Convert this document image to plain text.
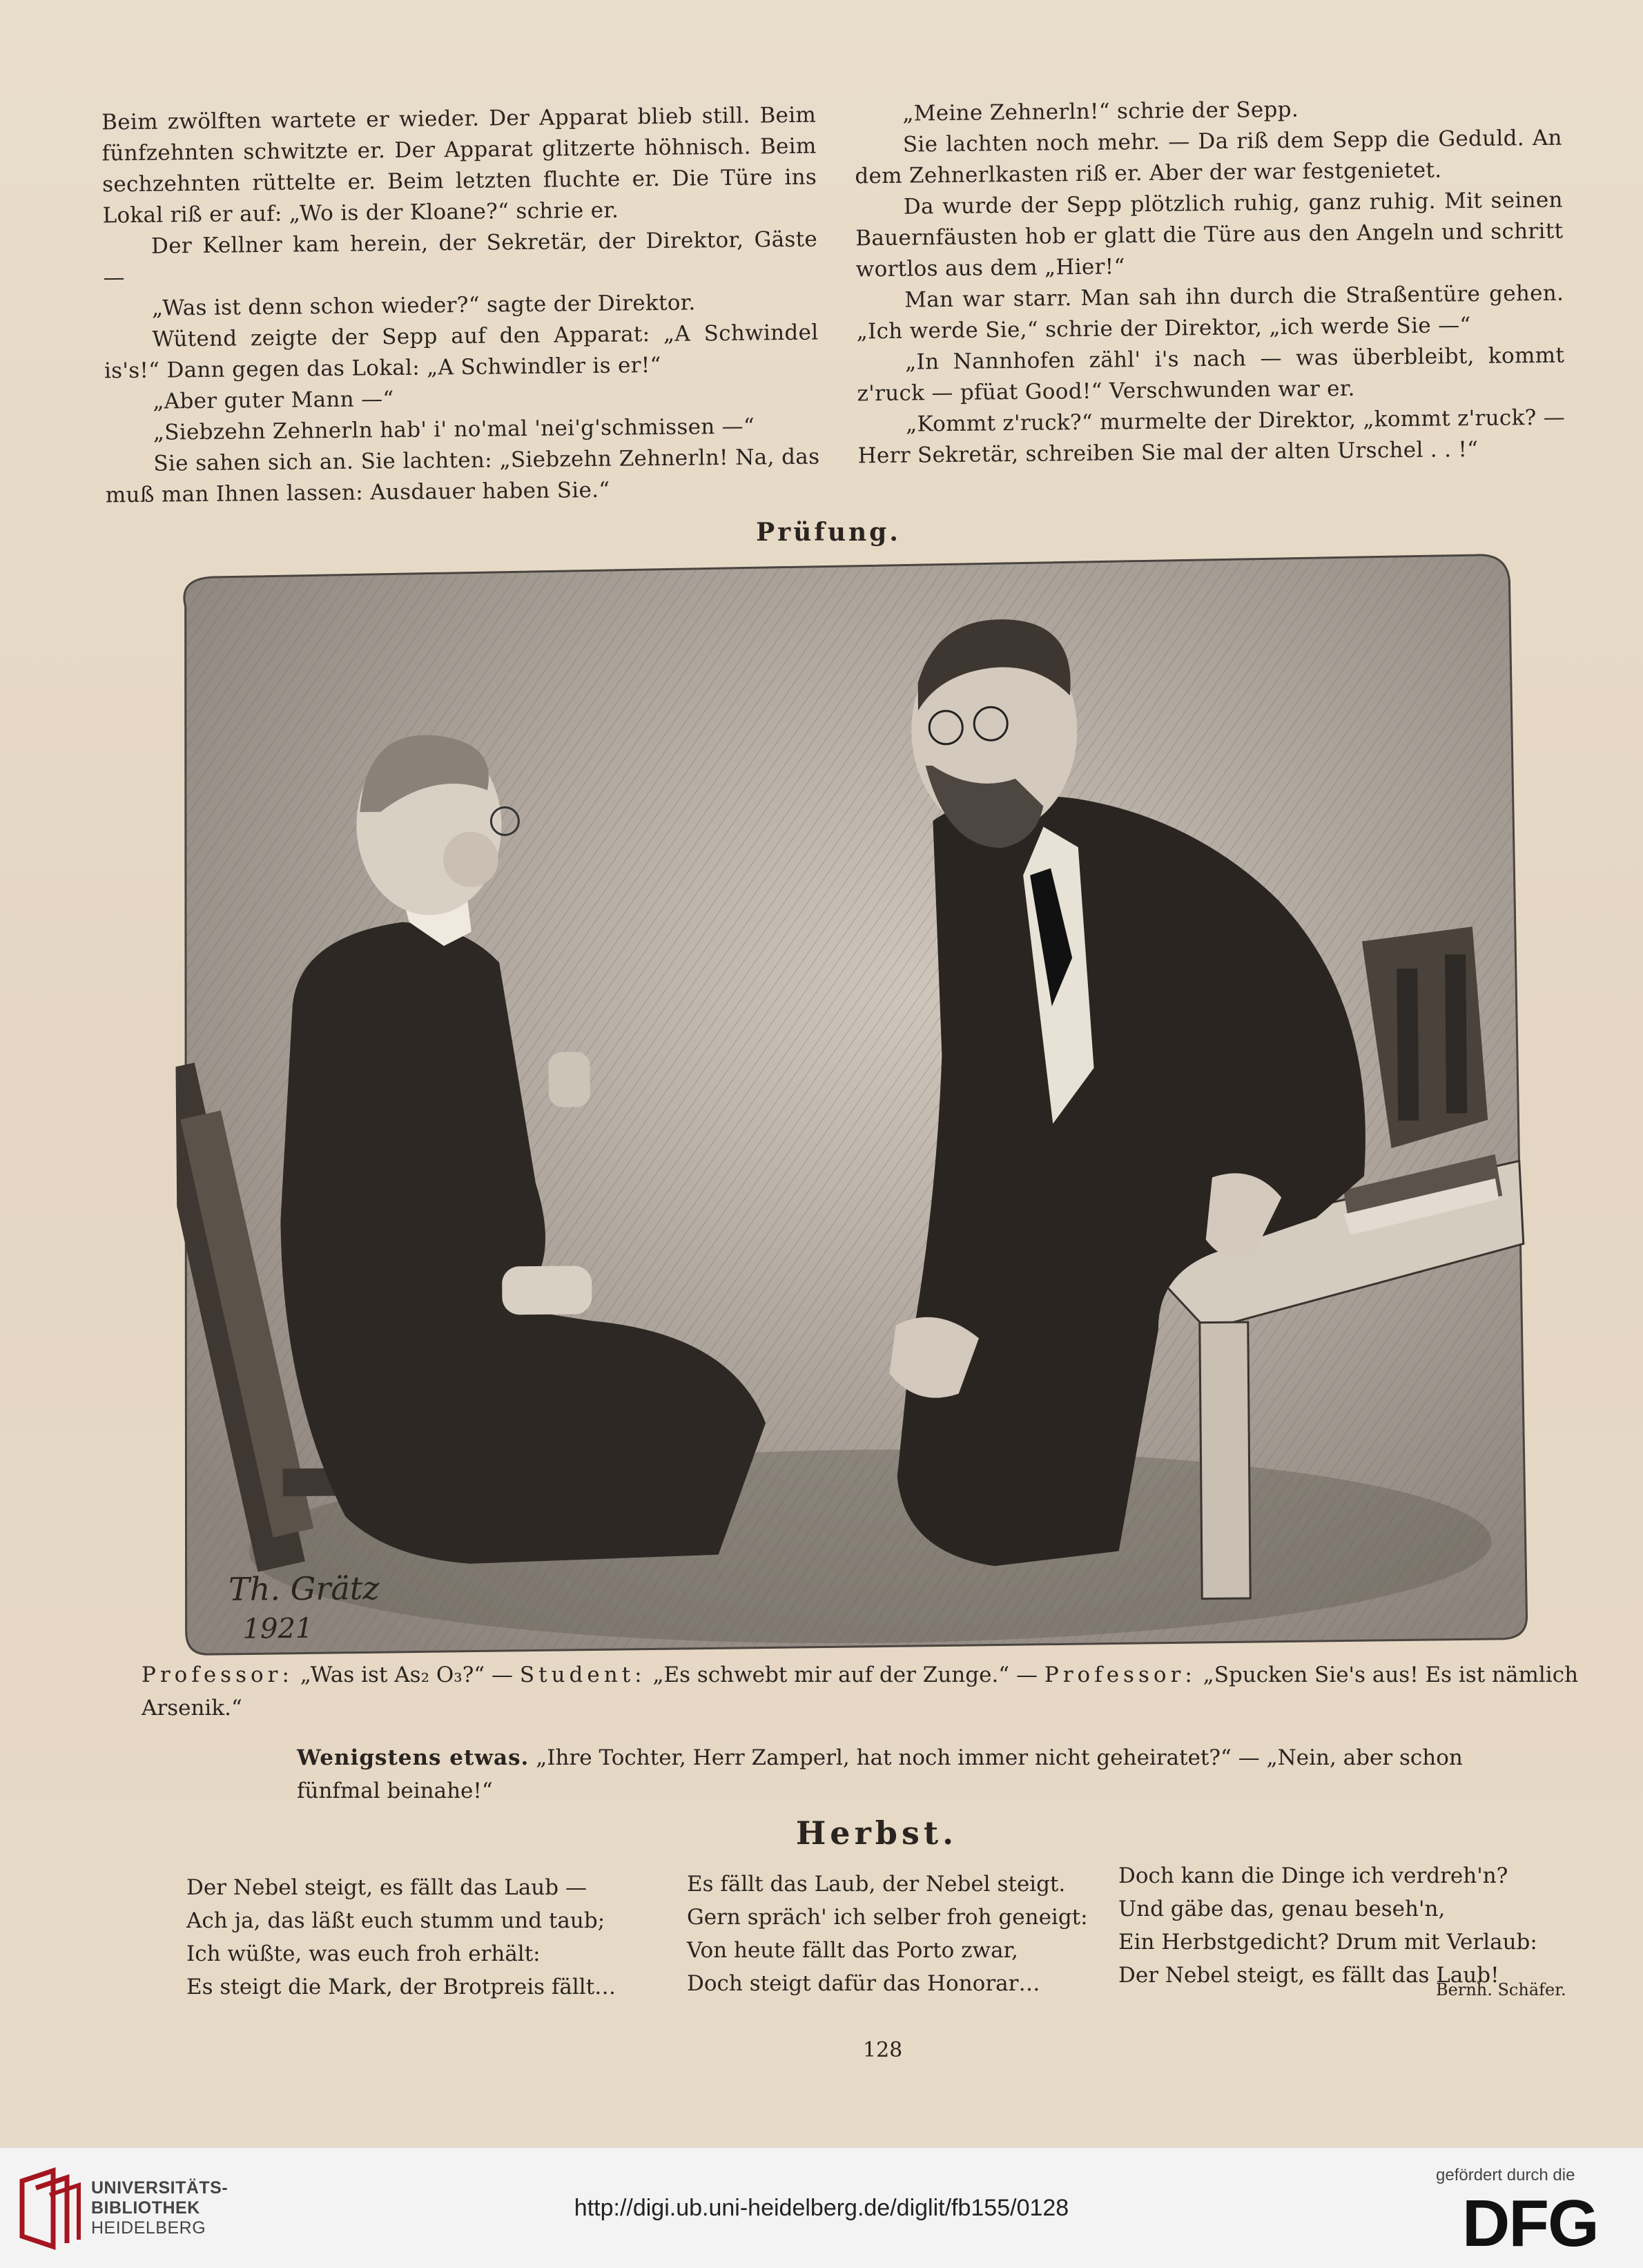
Beim zwölften wartete er wieder. Der Apparat blieb still. Beim fünfzehnten schwitzte er. Der Apparat glitzerte höhnisch. Beim sechzehnten rüttelte er. Beim letzten fluchte er. Die Türe ins Lokal riß er auf: „Wo is der Kloane?“ schrie er.

Der Kellner kam herein, der Sekretär, der Direktor, Gäste —

„Was ist denn schon wieder?“ sagte der Direktor.

Wütend zeigte der Sepp auf den Apparat: „A Schwindel is's!“ Dann gegen das Lokal: „A Schwindler is er!“

„Aber guter Mann —“

„Siebzehn Zehnerln hab' i' no'mal 'nei'g'schmissen —“

Sie sahen sich an. Sie lachten: „Siebzehn Zehnerln! Na, das muß man Ihnen lassen: Ausdauer haben Sie.“

„Meine Zehnerln!“ schrie der Sepp.

Sie lachten noch mehr. — Da riß dem Sepp die Geduld. An dem Zehnerlkasten riß er. Aber der war festgenietet.

Da wurde der Sepp plötzlich ruhig, ganz ruhig. Mit seinen Bauernfäusten hob er glatt die Türe aus den Angeln und schritt wortlos aus dem „Hier!“

Man war starr. Man sah ihn durch die Straßentüre gehen. „Ich werde Sie,“ schrie der Direktor, „ich werde Sie —“

„In Nannhofen zähl' i's nach — was überbleibt, kommt z'ruck — pfüat Good!“ Verschwunden war er.

„Kommt z'ruck?“ murmelte der Direktor, „kommt z'ruck? — Herr Sekretär, schreiben Sie mal der alten Urschel . . !“

Prüfung.
Th. Grätz
1921
Professor: „Was ist As₂ O₃?“ — Student: „Es schwebt mir auf der Zunge.“ — Professor: „Spucken Sie's aus! Es ist nämlich Arsenik.“
Wenigstens etwas. „Ihre Tochter, Herr Zamperl, hat noch immer nicht geheiratet?“ — „Nein, aber schon fünfmal beinahe!“
Herbst.
Der Nebel steigt, es fällt das Laub —
Ach ja, das läßt euch stumm und taub;
Ich wüßte, was euch froh erhält:
Es steigt die Mark, der Brotpreis fällt…
Es fällt das Laub, der Nebel steigt.
Gern spräch' ich selber froh geneigt:
Von heute fällt das Porto zwar,
Doch steigt dafür das Honorar…
Doch kann die Dinge ich verdreh'n?
Und gäbe das, genau beseh'n,
Ein Herbstgedicht? Drum mit Verlaub:
Der Nebel steigt, es fällt das Laub!
Bernh. Schäfer.
128
UNIVERSITÄTS-
BIBLIOTHEK
HEIDELBERG
http://digi.ub.uni-heidelberg.de/diglit/fb155/0128
gefördert durch die
DFG
